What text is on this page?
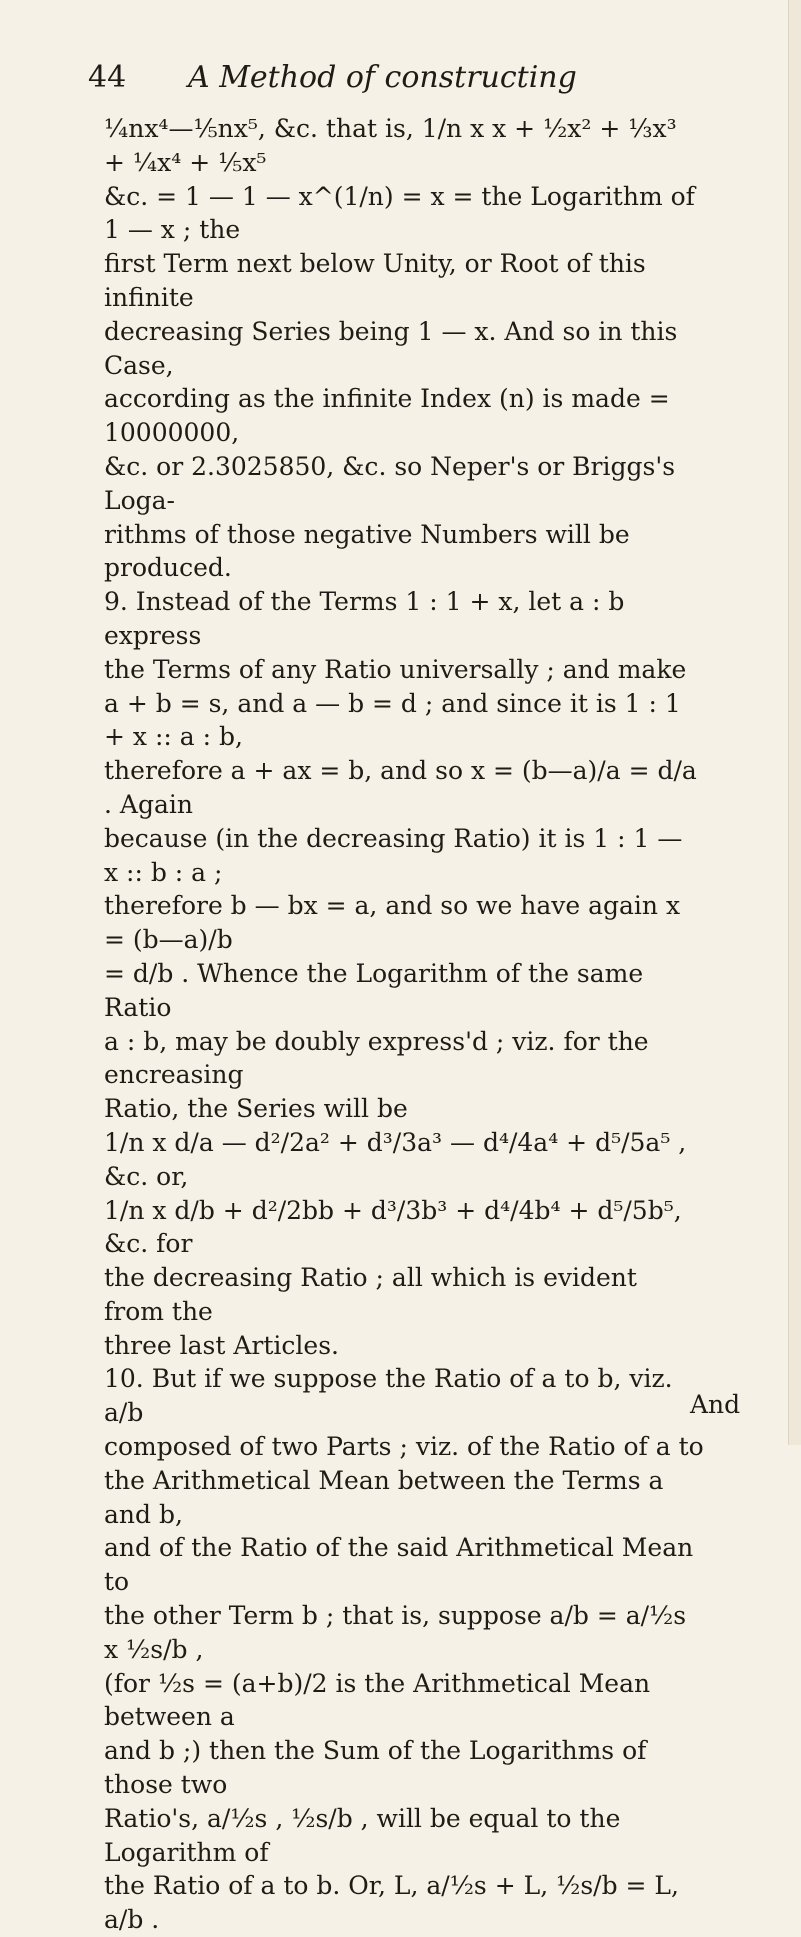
44 A Method of constructing

¼nx⁴—⅕nx⁵, &c. that is, 1/n x x + ½x² + ⅓x³ + ¼x⁴ + ⅕x⁵

&c. = 1 — 1 — x^(1/n) = x = the Logarithm of 1 — x ; the

first Term next below Unity, or Root of this infinite

decreasing Series being 1 — x. And so in this Case,

according as the infinite Index (n) is made = 10000000,

&c. or 2.3025850, &c. so Neper's or Briggs's Loga-

rithms of those negative Numbers will be produced.

9. Instead of the Terms 1 : 1 + x, let a : b express

the Terms of any Ratio universally ; and make

a + b = s, and a — b = d ; and since it is 1 : 1 + x :: a : b,

therefore a + ax = b, and so x = (b—a)/a = d/a . Again

because (in the decreasing Ratio) it is 1 : 1 — x :: b : a ;

therefore b — bx = a, and so we have again x = (b—a)/b

= d/b . Whence the Logarithm of the same Ratio

a : b, may be doubly express'd ; viz. for the encreasing

Ratio, the Series will be

1/n x d/a — d²/2a² + d³/3a³ — d⁴/4a⁴ + d⁵/5a⁵ , &c. or,

1/n x d/b + d²/2bb + d³/3b³ + d⁴/4b⁴ + d⁵/5b⁵, &c. for

the decreasing Ratio ; all which is evident from the

three last Articles.

10. But if we suppose the Ratio of a to b, viz. a/b

composed of two Parts ; viz. of the Ratio of a to

the Arithmetical Mean between the Terms a and b,

and of the Ratio of the said Arithmetical Mean to

the other Term b ; that is, suppose a/b = a/½s x ½s/b ,

(for ½s = (a+b)/2 is the Arithmetical Mean between a

and b ;) then the Sum of the Logarithms of those two

Ratio's, a/½s , ½s/b , will be equal to the Logarithm of

the Ratio of a to b. Or, L, a/½s + L, ½s/b = L, a/b .

And
